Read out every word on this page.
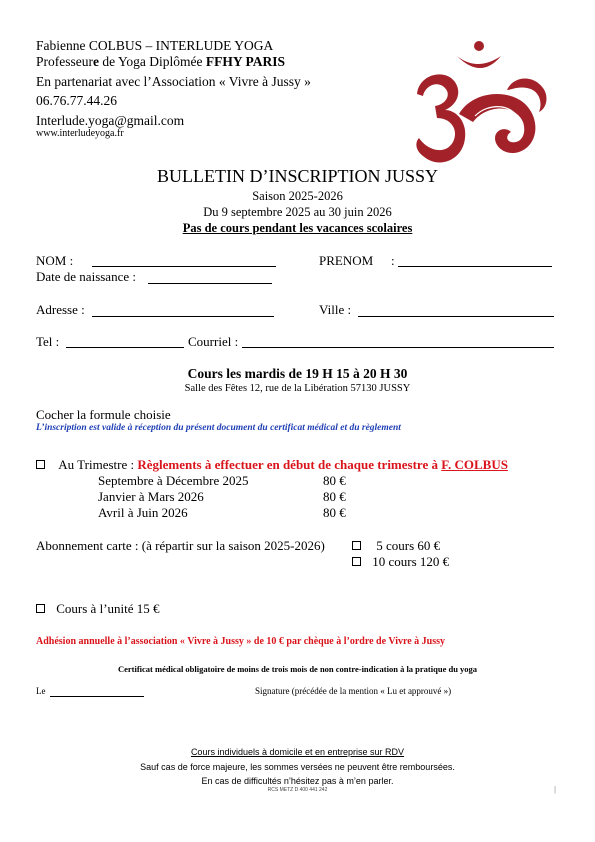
Fabienne COLBUS – INTERLUDE YOGA
Professeure de Yoga Diplômée FFHY PARIS
En partenariat avec l’Association « Vivre à Jussy »
06.76.77.44.26
Interlude.yoga@gmail.com
www.interludeyoga.fr
BULLETIN D’INSCRIPTION JUSSY
Saison 2025-2026
Du 9 septembre 2025 au 30 juin 2026
Pas de cours pendant les vacances scolaires
NOM :	PRENOM :
Date de naissance :
Adresse :	Ville :
Tel :	Courriel :
Cours les mardis de 19 H 15 à 20 H 30
Salle des Fêtes 12, rue de la Libération 57130 JUSSY
Cocher la formule choisie
L’inscription est valide à réception du présent document du certificat médical et du règlement
Au Trimestre : Règlements à effectuer en début de chaque trimestre à F. COLBUS
Septembre à Décembre 2025	80 €
Janvier à Mars 2026	80 €
Avril à Juin 2026	80 €
Abonnement carte : (à répartir sur la saison 2025-2026)	5 cours 60 €
10 cours 120 €
Cours à l’unité 15 €
Adhésion annuelle à l’association « Vivre à Jussy » de 10 € par chèque à l’ordre de Vivre à Jussy
Certificat médical obligatoire de moins de trois mois de non contre-indication à la pratique du yoga
Le	Signature (précédée de la mention « Lu et approuvé »)
Cours individuels à domicile et en entreprise sur RDV
Sauf cas de force majeure, les sommes versées ne peuvent être remboursées.
En cas de difficultés n’hésitez pas à m’en parler.
RCS METZ D 400 441 242	|
